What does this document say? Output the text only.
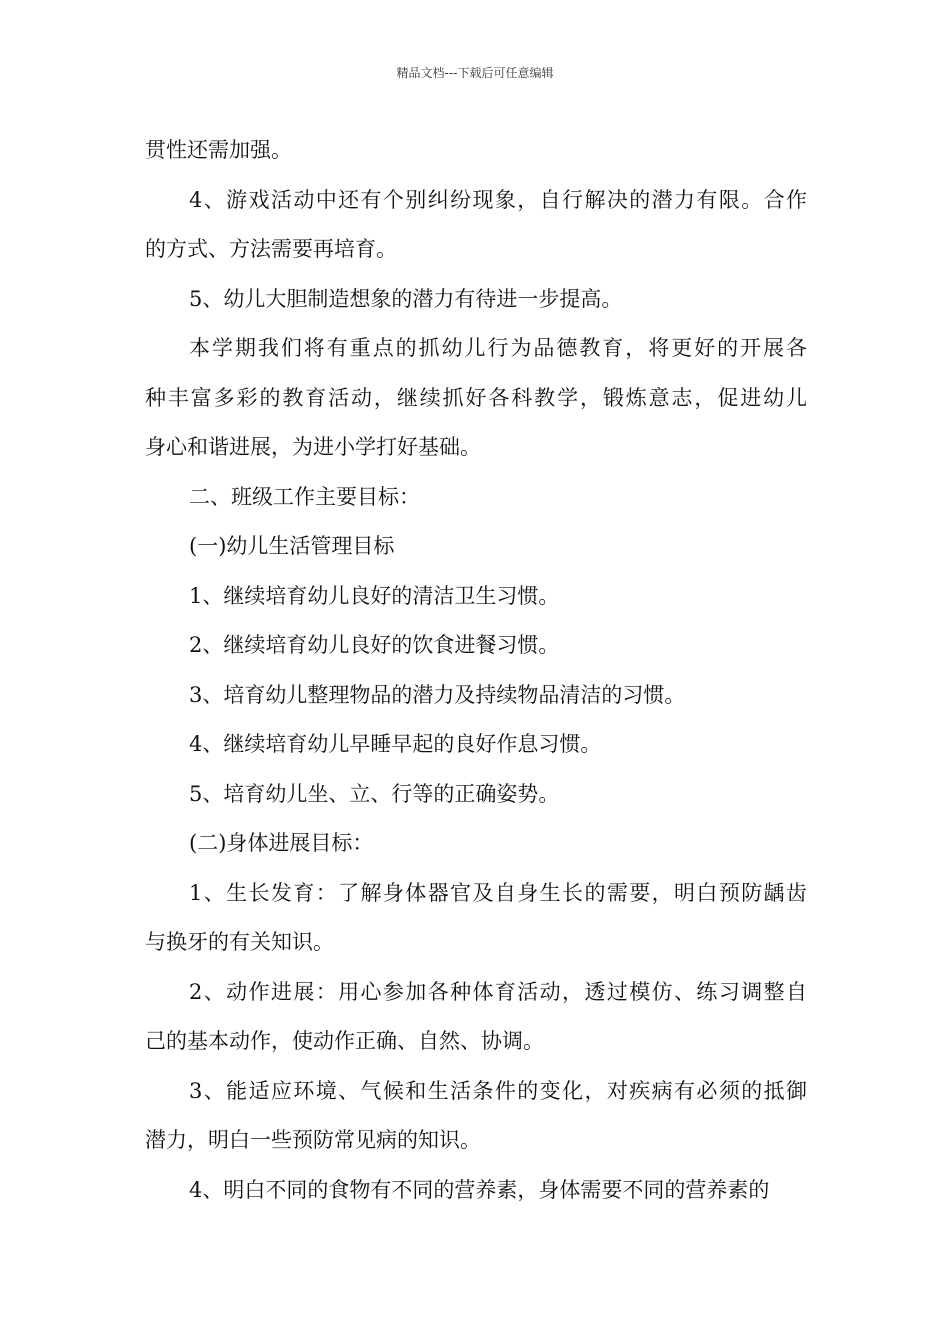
精品文档---下载后可任意编辑

贯性还需加强。

4、游戏活动中还有个别纠纷现象，自行解决的潜力有限。合作
的方式、方法需要再培育。

5、幼儿大胆制造想象的潜力有待进一步提高。

本学期我们将有重点的抓幼儿行为品德教育，将更好的开展各
种丰富多彩的教育活动，继续抓好各科教学，锻炼意志，促进幼儿
身心和谐进展，为进小学打好基础。

二、班级工作主要目标：

(一)幼儿生活管理目标

1、继续培育幼儿良好的清洁卫生习惯。

2、继续培育幼儿良好的饮食进餐习惯。

3、培育幼儿整理物品的潜力及持续物品清洁的习惯。

4、继续培育幼儿早睡早起的良好作息习惯。

5、培育幼儿坐、立、行等的正确姿势。

(二)身体进展目标：

1、生长发育：了解身体器官及自身生长的需要，明白预防龋齿
与换牙的有关知识。

2、动作进展：用心参加各种体育活动，透过模仿、练习调整自
己的基本动作，使动作正确、自然、协调。

3、能适应环境、气候和生活条件的变化，对疾病有必须的抵御
潜力，明白一些预防常见病的知识。

4、明白不同的食物有不同的营养素，身体需要不同的营养素的
